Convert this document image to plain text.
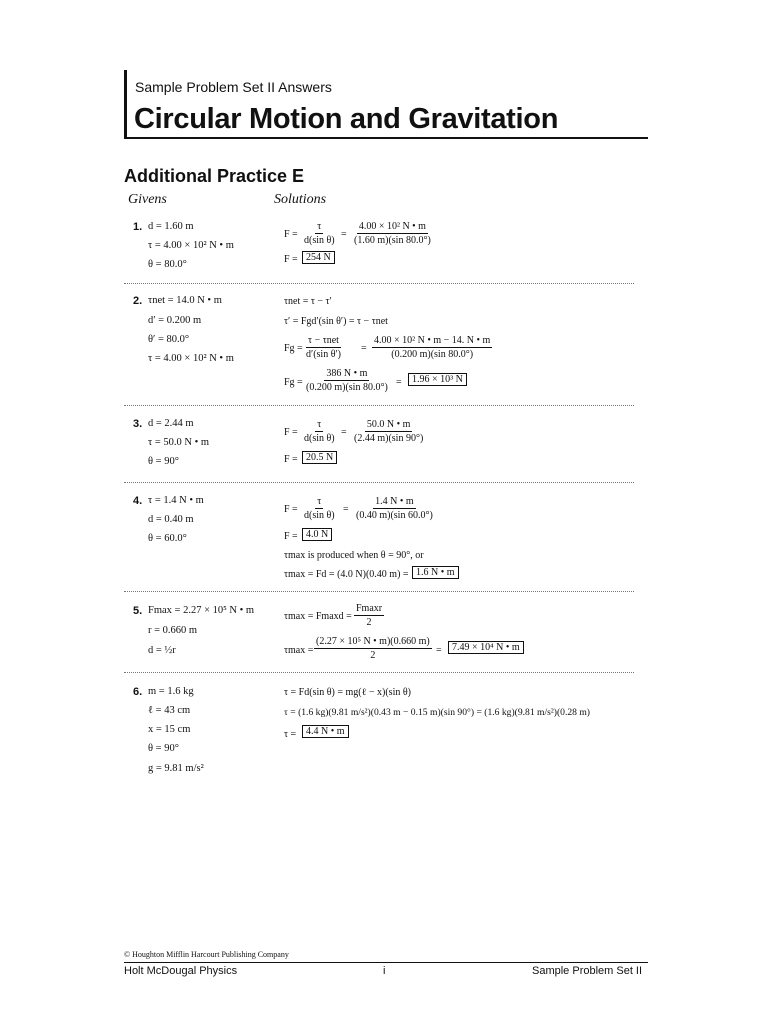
Sample Problem Set II Answers
Circular Motion and Gravitation
Additional Practice E
Givens	Solutions
1. d = 1.60 m
τ = 4.00 × 10² N • m
θ = 80.0°
$F = \frac{\tau}{\text{d(sin θ)}} = \frac{\text{4.00 × 10² N • m}}{(1.60 m)(\sin 80.0^\circ)}$
F = 254 N
2. τnet = 14.0 N • m
d′ = 0.200 m
θ′ = 80.0°
τ = 4.00 × 10² N • m
τnet = τ − τ′
τ′ = Fgd′(sin θ′) = τ − τnet
Fg =
τ − τnet
d′(sin θ′)
= $\frac{\text{4.00 × 10² N • m − 14. N • m}}{(0.200 m)(\sin 80.0^\circ)}$
$Fg = \frac{386 N • m}{(0.200 m)(\sin 80.0^\circ)}$ =	1.96 × 10³ N
3. d = 2.44 m
τ = 50.0 N • m
θ = 90°
$F = \frac{\tau}{\text{d(sin θ)}} = \frac{50.0 N • m}{(2.44 m)(\sin 90^\circ)}$
F = 20.5 N
4. τ = 1.4 N • m
d = 0.40 m
θ = 60.0°
$F = \frac{\tau}{\text{d(sin θ)}} = \frac{1.4 N • m}{(0.40 m)(\sin 60.0^\circ)}$
F = 4.0 N
τmax is produced when θ = 90°, or
τmax = Fd = (4.0 N)(0.40 m) = 1.6 N • m
5. Fmax = 2.27 × 10⁵ N • m
r = 0.660 m
d = ½r
τmax = Fmaxd =
Fmaxr
2
$\tau\max = \frac{\text{(2.27 × 10⁵ N • m)(0.660 m)}}{2}$ =	7.49 × 10⁴ N • m
6. m = 1.6 kg
ℓ = 43 cm
x = 15 cm
θ = 90°
g = 9.81 m/s²
τ = Fd(sin θ) = mg(ℓ − x)(sin θ)
τ = (1.6 kg)(9.81 m/s²)(0.43 m − 0.15 m)(sin 90°) = (1.6 kg)(9.81 m/s²)(0.28 m)
τ = 4.4 N • m
© Houghton Mifflin Harcourt Publishing Company
Holt McDougal Physics	i	Sample Problem Set II
